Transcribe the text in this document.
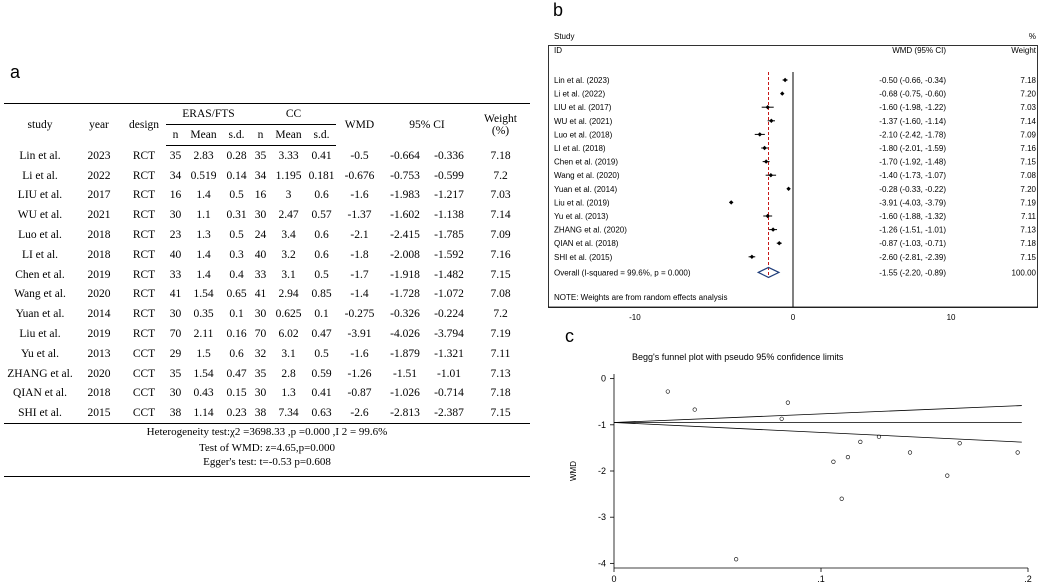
a
b
c
study	year	design	ERAS/FTS			CC			WMD	95% CI		Weight
(%)
			n	Mean	s.d.	n	Mean	s.d.				
Lin et al.	2023	RCT	35	2.83	0.28	35	3.33	0.41	-0.5	-0.664	-0.336	7.18
Li et al.	2022	RCT	34	0.519	0.14	34	1.195	0.181	-0.676	-0.753	-0.599	7.2
LIU et al.	2017	RCT	16	1.4	0.5	16	3	0.6	-1.6	-1.983	-1.217	7.03
WU et al.	2021	RCT	30	1.1	0.31	30	2.47	0.57	-1.37	-1.602	-1.138	7.14
Luo et al.	2018	RCT	23	1.3	0.5	24	3.4	0.6	-2.1	-2.415	-1.785	7.09
LI et al.	2018	RCT	40	1.4	0.3	40	3.2	0.6	-1.8	-2.008	-1.592	7.16
Chen et al.	2019	RCT	33	1.4	0.4	33	3.1	0.5	-1.7	-1.918	-1.482	7.15
Wang et al.	2020	RCT	41	1.54	0.65	41	2.94	0.85	-1.4	-1.728	-1.072	7.08
Yuan et al.	2014	RCT	30	0.35	0.1	30	0.625	0.1	-0.275	-0.326	-0.224	7.2
Liu et al.	2019	RCT	70	2.11	0.16	70	6.02	0.47	-3.91	-4.026	-3.794	7.19
Yu et al.	2013	CCT	29	1.5	0.6	32	3.1	0.5	-1.6	-1.879	-1.321	7.11
ZHANG et al.	2020	CCT	35	1.54	0.47	35	2.8	0.59	-1.26	-1.51	-1.01	7.13
QIAN et al.	2018	CCT	30	0.43	0.15	30	1.3	0.41	-0.87	-1.026	-0.714	7.18
SHI et al.	2015	CCT	38	1.14	0.23	38	7.34	0.63	-2.6	-2.813	-2.387	7.15
Heterogeneity test:χ2 =3698.33 ,p =0.000 ,I 2 = 99.6%												
Test of WMD: z=4.65,p=0.000												
Egger's test: t=-0.53 p=0.608												
Study
ID	WMD (95% CI)
%
Weight
Lin et al. (2023)	-0.50 (-0.66, -0.34)	7.18
Li et al. (2022)	-0.68 (-0.75, -0.60)	7.20
LIU et al. (2017)	-1.60 (-1.98, -1.22)	7.03
WU et al. (2021)	-1.37 (-1.60, -1.14)	7.14
Luo et al. (2018)	-2.10 (-2.42, -1.78)	7.09
LI et al. (2018)	-1.80 (-2.01, -1.59)	7.16
Chen et al. (2019)	-1.70 (-1.92, -1.48)	7.15
Wang et al. (2020)	-1.40 (-1.73, -1.07)	7.08
Yuan et al. (2014)	-0.28 (-0.33, -0.22)	7.20
Liu et al. (2019)	-3.91 (-4.03, -3.79)	7.19
Yu et al. (2013)	-1.60 (-1.88, -1.32)	7.11
ZHANG et al. (2020)	-1.26 (-1.51, -1.01)	7.13
QIAN et al. (2018)	-0.87 (-1.03, -0.71)	7.18
SHI et al. (2015)	-2.60 (-2.81, -2.39)	7.15
Overall (I-squared = 99.6%, p = 0.000)	-1.55 (-2.20, -0.89)	100.00
NOTE: Weights are from random effects analysis
-10	0	10
Begg's funnel plot with pseudo 95% confidence limits
0
-1
-2
-3
-4
0	.1	.2
WMD
